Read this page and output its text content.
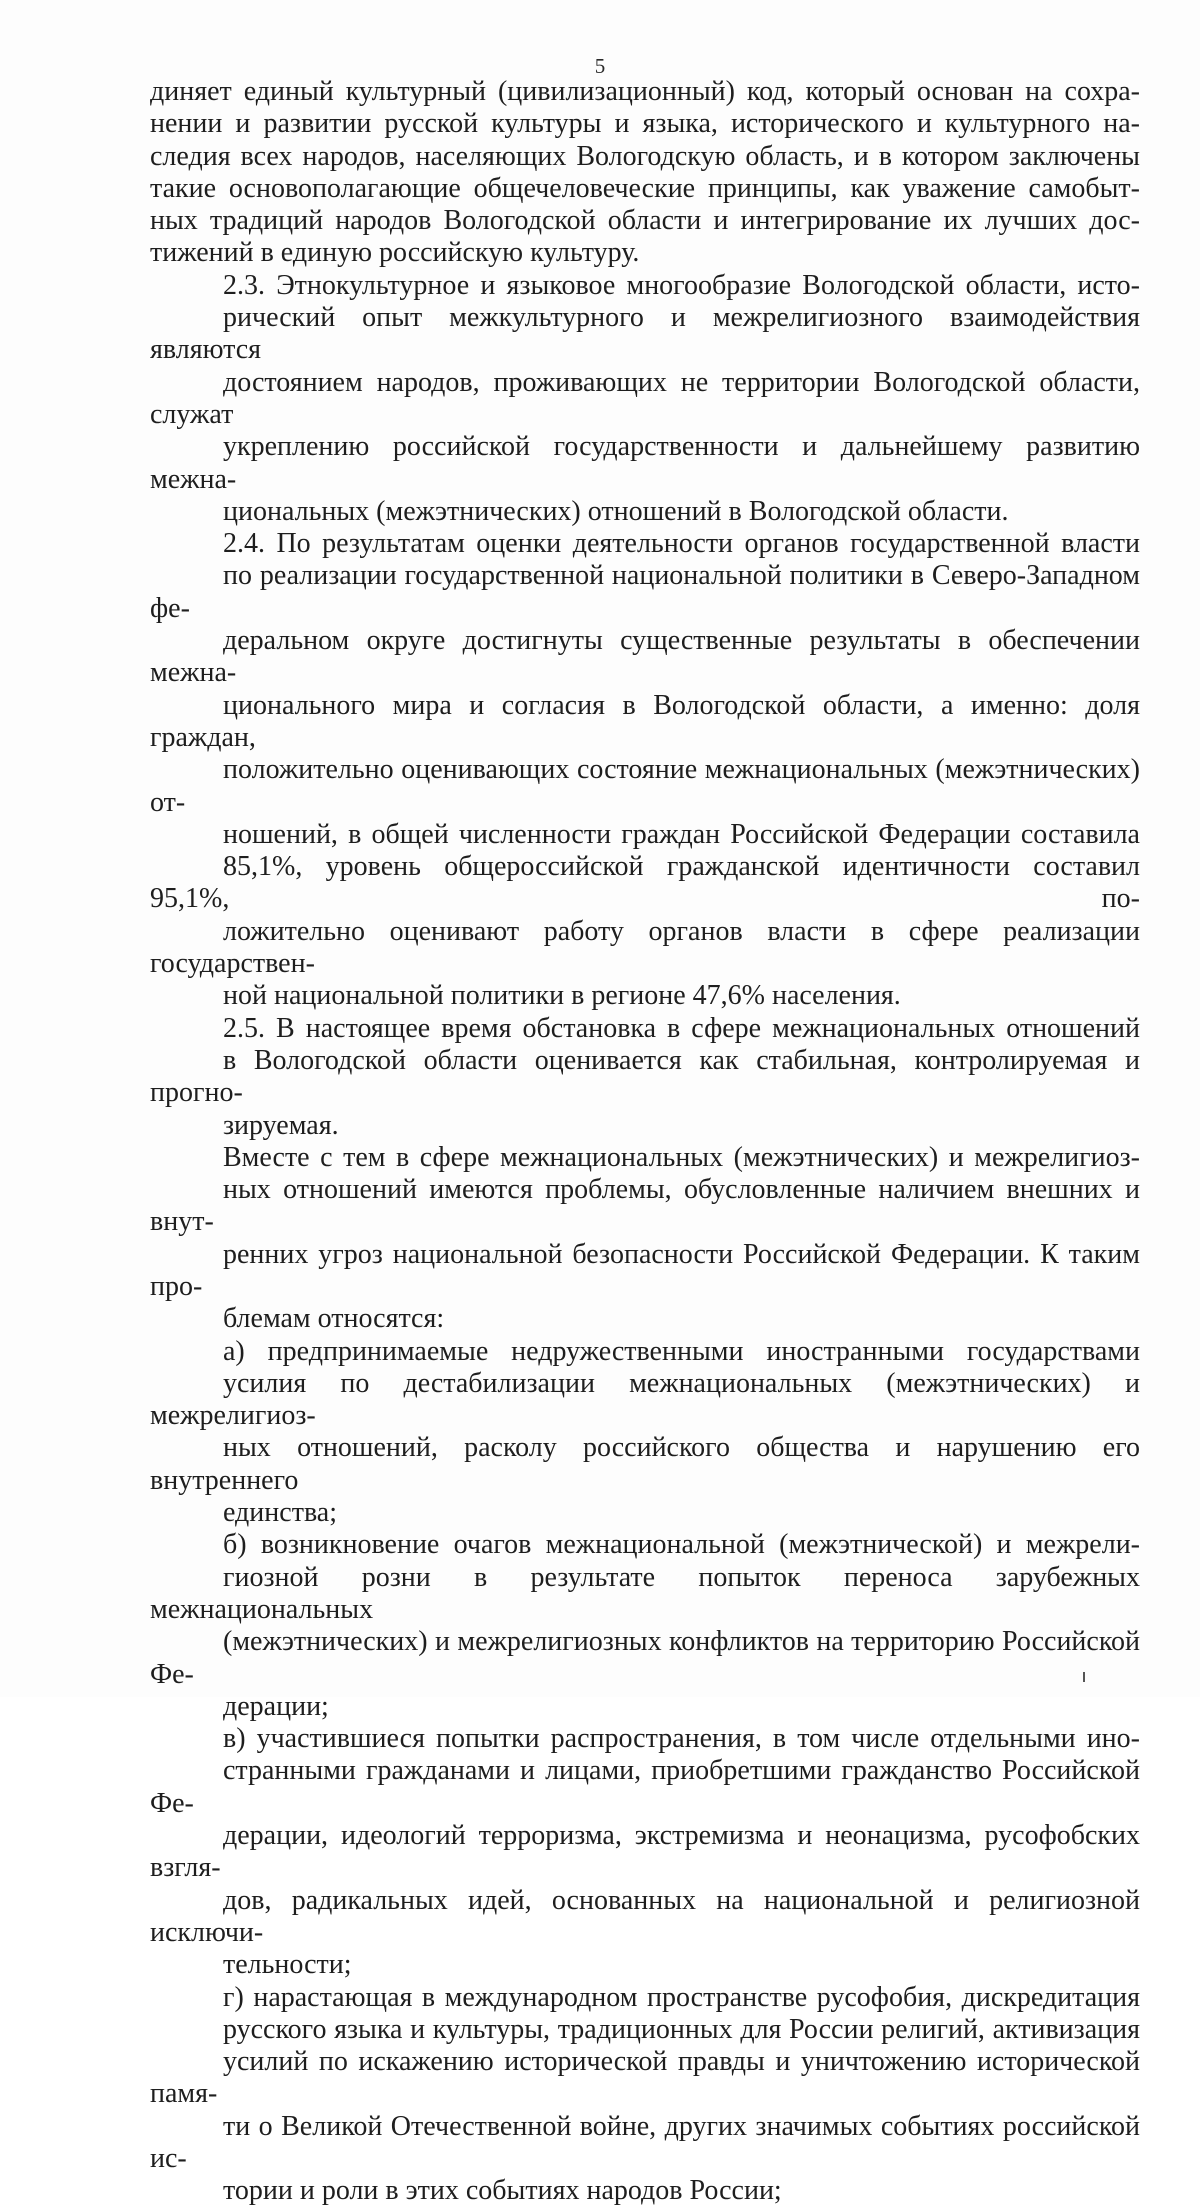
5

диняет единый культурный (цивилизационный) код, который основан на сохра-
нении и развитии русской культуры и языка, исторического и культурного на-
следия всех народов, населяющих Вологодскую область, и в котором заключены
такие основополагающие общечеловеческие принципы, как уважение самобыт-
ных традиций народов Вологодской области и интегрирование их лучших дос-
тижений в единую российскую культуру.

2.3. Этнокультурное и языковое многообразие Вологодской области, исто-
рический опыт межкультурного и межрелигиозного взаимодействия являются
достоянием народов, проживающих не территории Вологодской области, служат
укреплению российской государственности и дальнейшему развитию межна-
циональных (межэтнических) отношений в Вологодской области.

2.4. По результатам оценки деятельности органов государственной власти
по реализации государственной национальной политики в Северо-Западном фе-
деральном округе достигнуты существенные результаты в обеспечении межна-
ционального мира и согласия в Вологодской области, а именно: доля граждан,
положительно оценивающих состояние межнациональных (межэтнических) от-
ношений, в общей численности граждан Российской Федерации составила
85,1%, уровень общероссийской гражданской идентичности составил 95,1%, по-
ложительно оценивают работу органов власти в сфере реализации государствен-
ной национальной политики в регионе 47,6% населения.

2.5. В настоящее время обстановка в сфере межнациональных отношений
в Вологодской области оценивается как стабильная, контролируемая и прогно-
зируемая.

Вместе с тем в сфере межнациональных (межэтнических) и межрелигиоз-
ных отношений имеются проблемы, обусловленные наличием внешних и внут-
ренних угроз национальной безопасности Российской Федерации. К таким про-
блемам относятся:

а) предпринимаемые недружественными иностранными государствами
усилия по дестабилизации межнациональных (межэтнических) и межрелигиоз-
ных отношений, расколу российского общества и нарушению его внутреннего
единства;

б) возникновение очагов межнациональной (межэтнической) и межрели-
гиозной розни в результате попыток переноса зарубежных межнациональных
(межэтнических) и межрелигиозных конфликтов на территорию Российской Фе-
дерации;

в) участившиеся попытки распространения, в том числе отдельными ино-
странными гражданами и лицами, приобретшими гражданство Российской Фе-
дерации, идеологий терроризма, экстремизма и неонацизма, русофобских взгля-
дов, радикальных идей, основанных на национальной и религиозной исключи-
тельности;

г) нарастающая в международном пространстве русофобия, дискредитация
русского языка и культуры, традиционных для России религий, активизация
усилий по искажению исторической правды и уничтожению исторической памя-
ти о Великой Отечественной войне, других значимых событиях российской ис-
тории и роли в этих событиях народов России;
